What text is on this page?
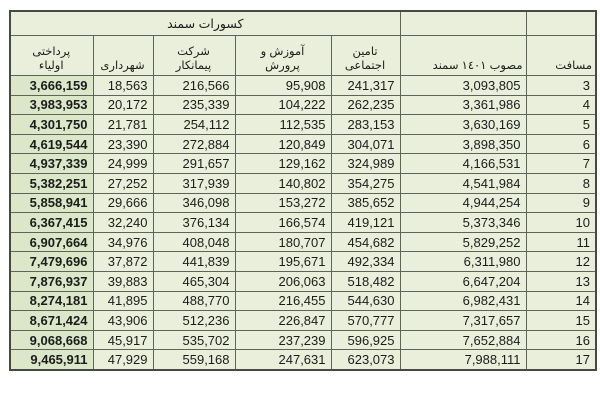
		کسورات سمند				
مسافت	مصوب ١٤٠١ سمند	تامین اجتماعی	آموزش و پرورش	شرکت پیمانکار	شهرداری	پرداختی اولیاء
3	3,093,805	241,317	95,908	216,566	18,563	3,666,159
4	3,361,986	262,235	104,222	235,339	20,172	3,983,953
5	3,630,169	283,153	112,535	254,112	21,781	4,301,750
6	3,898,350	304,071	120,849	272,884	23,390	4,619,544
7	4,166,531	324,989	129,162	291,657	24,999	4,937,339
8	4,541,984	354,275	140,802	317,939	27,252	5,382,251
9	4,944,254	385,652	153,272	346,098	29,666	5,858,941
10	5,373,346	419,121	166,574	376,134	32,240	6,367,415
11	5,829,252	454,682	180,707	408,048	34,976	6,907,664
12	6,311,980	492,334	195,671	441,839	37,872	7,479,696
13	6,647,204	518,482	206,063	465,304	39,883	7,876,937
14	6,982,431	544,630	216,455	488,770	41,895	8,274,181
15	7,317,657	570,777	226,847	512,236	43,906	8,671,424
16	7,652,884	596,925	237,239	535,702	45,917	9,068,668
17	7,988,111	623,073	247,631	559,168	47,929	9,465,911
